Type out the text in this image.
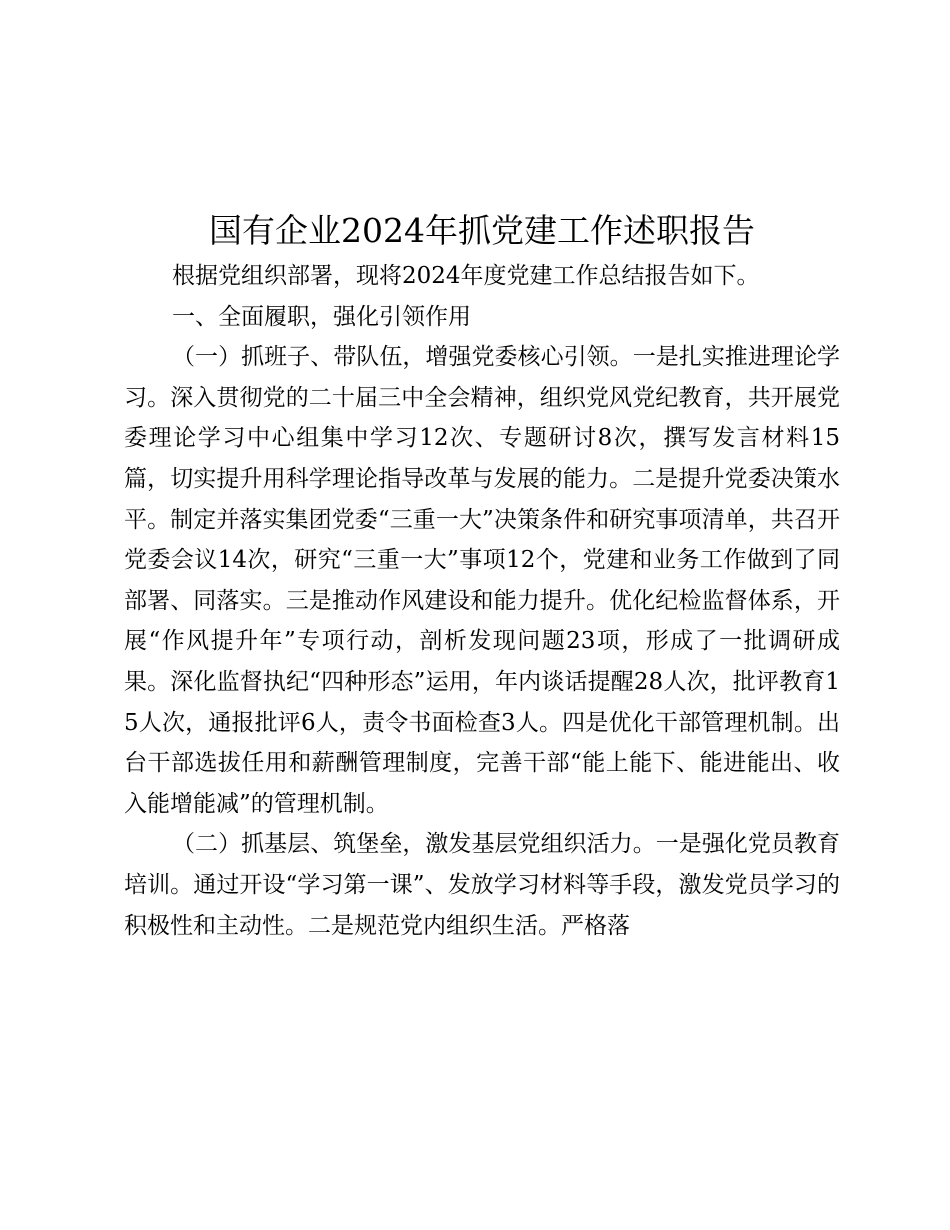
国有企业2024年抓党建工作述职报告

根据党组织部署，现将2024年度党建工作总结报告如下。

一、全面履职，强化引领作用

（一）抓班子、带队伍，增强党委核心引领。一是扎实推进理论学习。深入贯彻党的二十届三中全会精神，组织党风党纪教育，共开展党委理论学习中心组集中学习12次、专题研讨8次，撰写发言材料15篇，切实提升用科学理论指导改革与发展的能力。二是提升党委决策水平。制定并落实集团党委“三重一大”决策条件和研究事项清单，共召开党委会议14次，研究“三重一大”事项12个，党建和业务工作做到了同部署、同落实。三是推动作风建设和能力提升。优化纪检监督体系，开展“作风提升年”专项行动，剖析发现问题23项，形成了一批调研成果。深化监督执纪“四种形态”运用，年内谈话提醒28人次，批评教育15人次，通报批评6人，责令书面检查3人。四是优化干部管理机制。出台干部选拔任用和薪酬管理制度，完善干部“能上能下、能进能出、收入能增能减”的管理机制。

（二）抓基层、筑堡垒，激发基层党组织活力。一是强化党员教育培训。通过开设“学习第一课”、发放学习材料等手段，激发党员学习的积极性和主动性。二是规范党内组织生活。严格落
